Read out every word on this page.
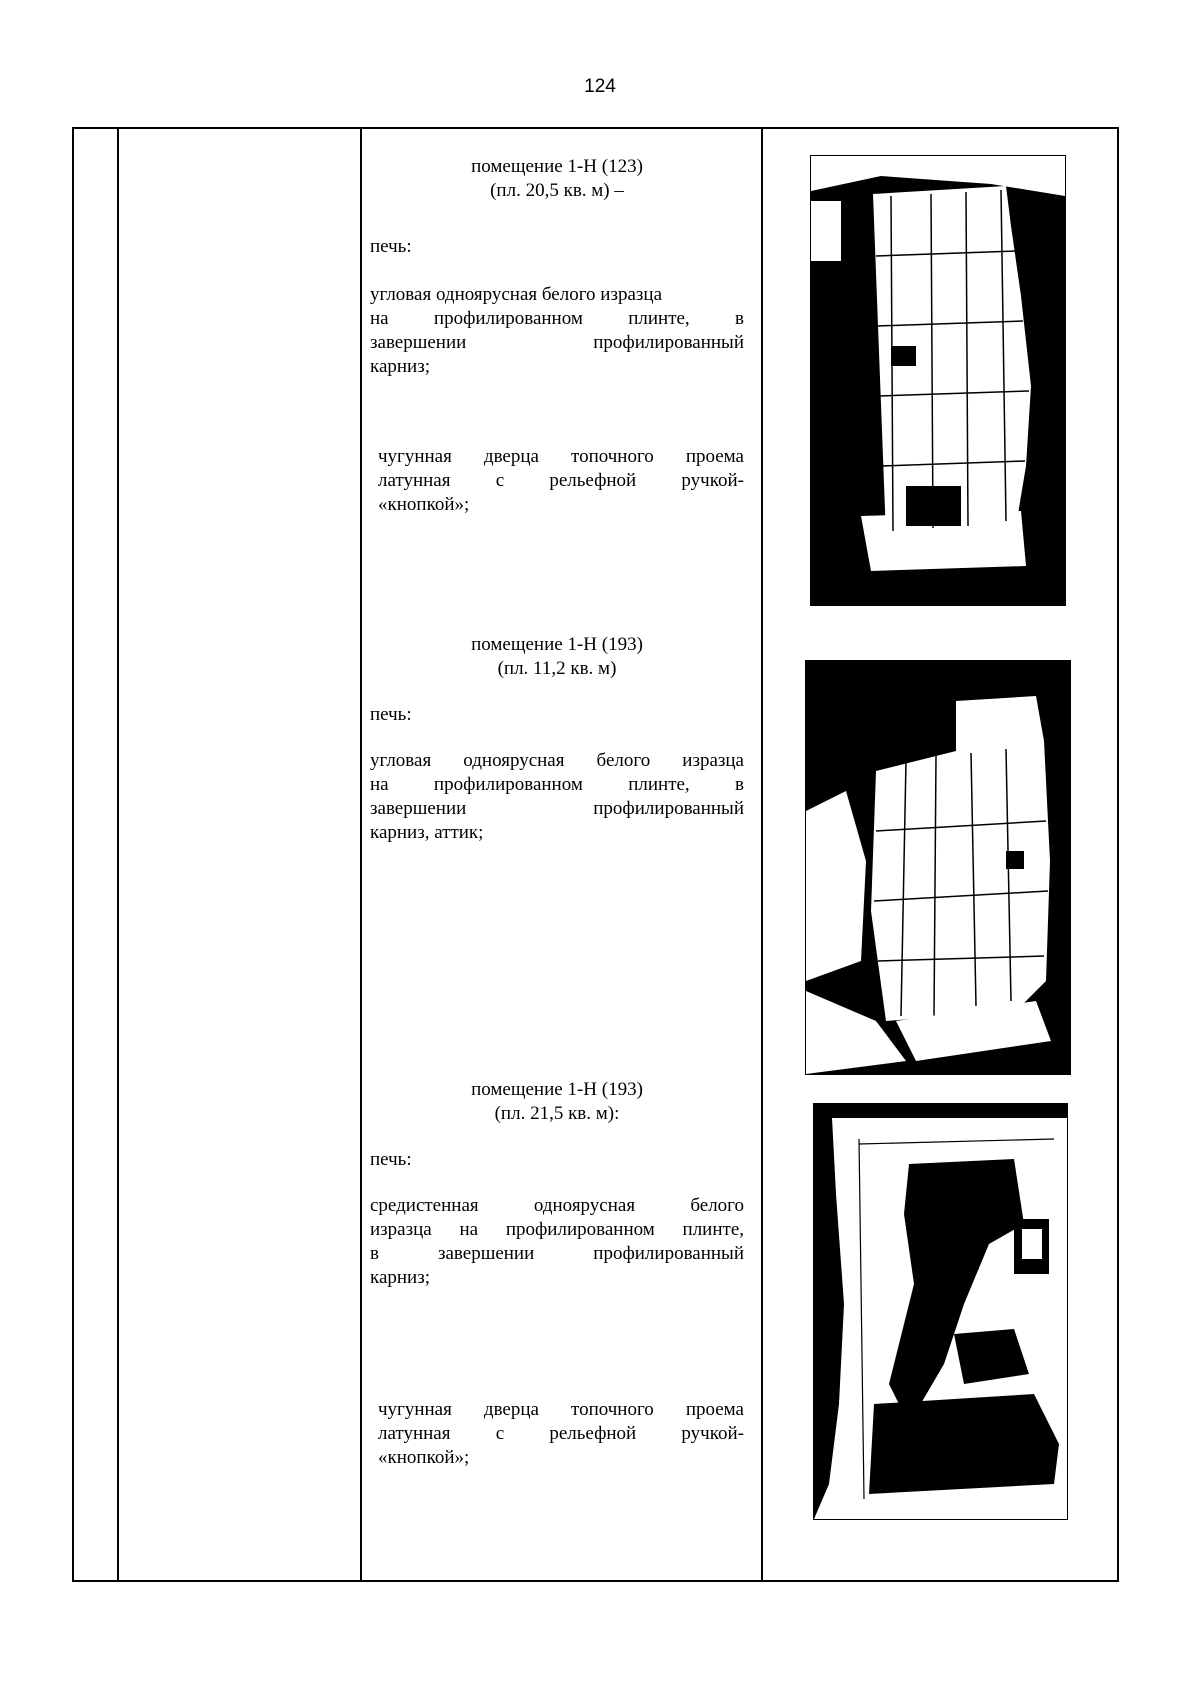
124
помещение 1-Н (123)
(пл. 20,5 кв. м) –
печь:
угловая одноярусная белого изразца
на профилированном плинте, в
завершении профилированный
карниз;
чугунная дверца топочного проема
латунная с рельефной ручкой-
«кнопкой»;
помещение 1-Н (193)
(пл. 11,2 кв. м)
печь:
угловая одноярусная белого изразца
на профилированном плинте, в
завершении профилированный
карниз, аттик;
помещение 1-Н (193)
(пл. 21,5 кв. м):
печь:
средистенная одноярусная белого
изразца на профилированном плинте,
в завершении профилированный
карниз;
чугунная дверца топочного проема
латунная с рельефной ручкой-
«кнопкой»;
